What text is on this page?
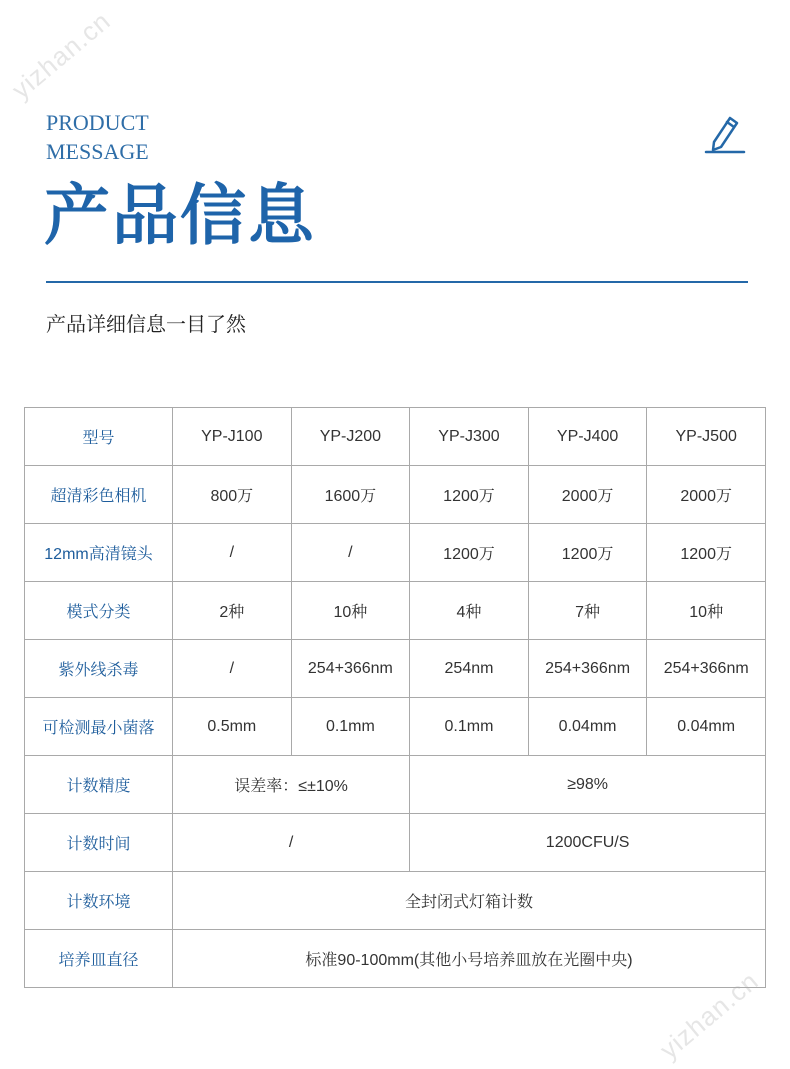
yizhan.cn
yizhan.cn
PRODUCT
MESSAGE
产品信息
产品详细信息一目了然
型号	YP-J100	YP-J200	YP-J300	YP-J400	YP-J500
超清彩色相机	800万	1600万	1200万	2000万	2000万
12mm高清镜头	/	/	1200万	1200万	1200万
模式分类	2种	10种	4种	7种	10种
紫外线杀毒	/	254+366nm	254nm	254+366nm	254+366nm
可检测最小菌落	0.5mm	0.1mm	0.1mm	0.04mm	0.04mm
计数精度	误差率：≤±10%		≥98%		
计数时间	/		1200CFU/S		
计数环境	全封闭式灯箱计数				
培养皿直径	标准90-100mm(其他小号培养皿放在光圈中央)				
